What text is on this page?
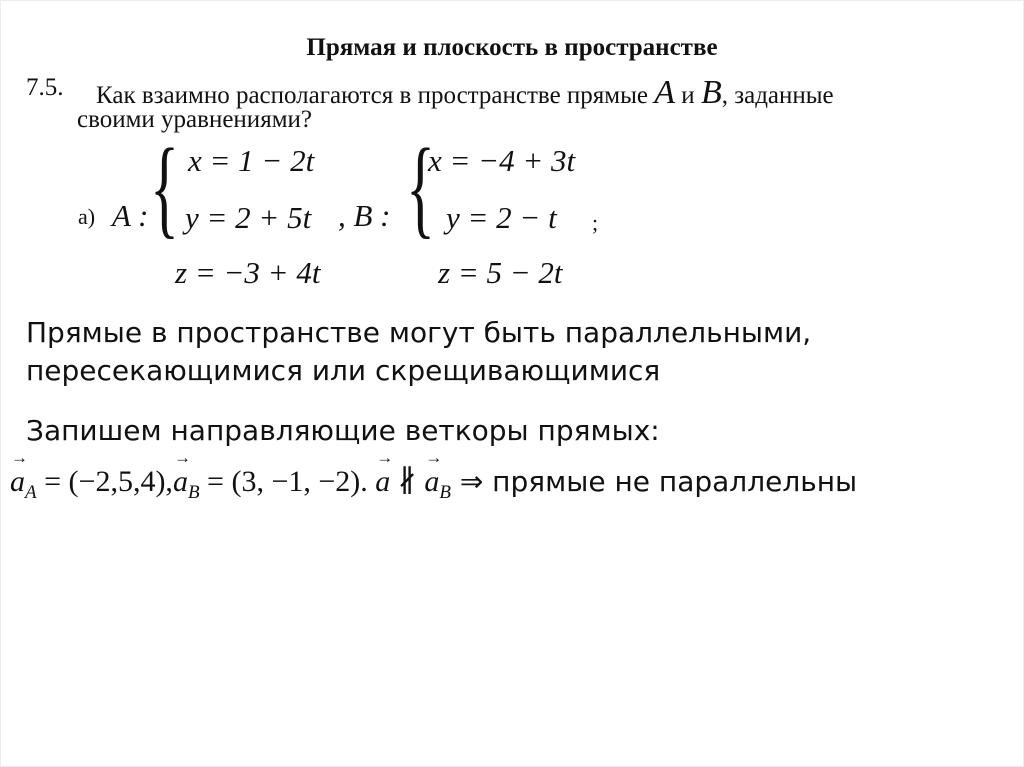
Прямая и плоскость в пространстве
7.5. Как взаимно располагаются в пространстве прямые A и B, заданные
своими уравнениями?
а) A : { x = 1 − 2t
y = 2 + 5t
z = −3 + 4t
, B : {
x = −4 + 3t
y = 2 − t
z = 5 − 2t
;
Прямые в пространстве могут быть параллельными,
пересекающимися или скрещивающимися
Запишем направляющие веткоры прямых:
→ $a_A = (-2,5,4),\to a_B = (3$, −1, −2). → a ∦ → $a_B$ ⇒ прямые не параллельны
